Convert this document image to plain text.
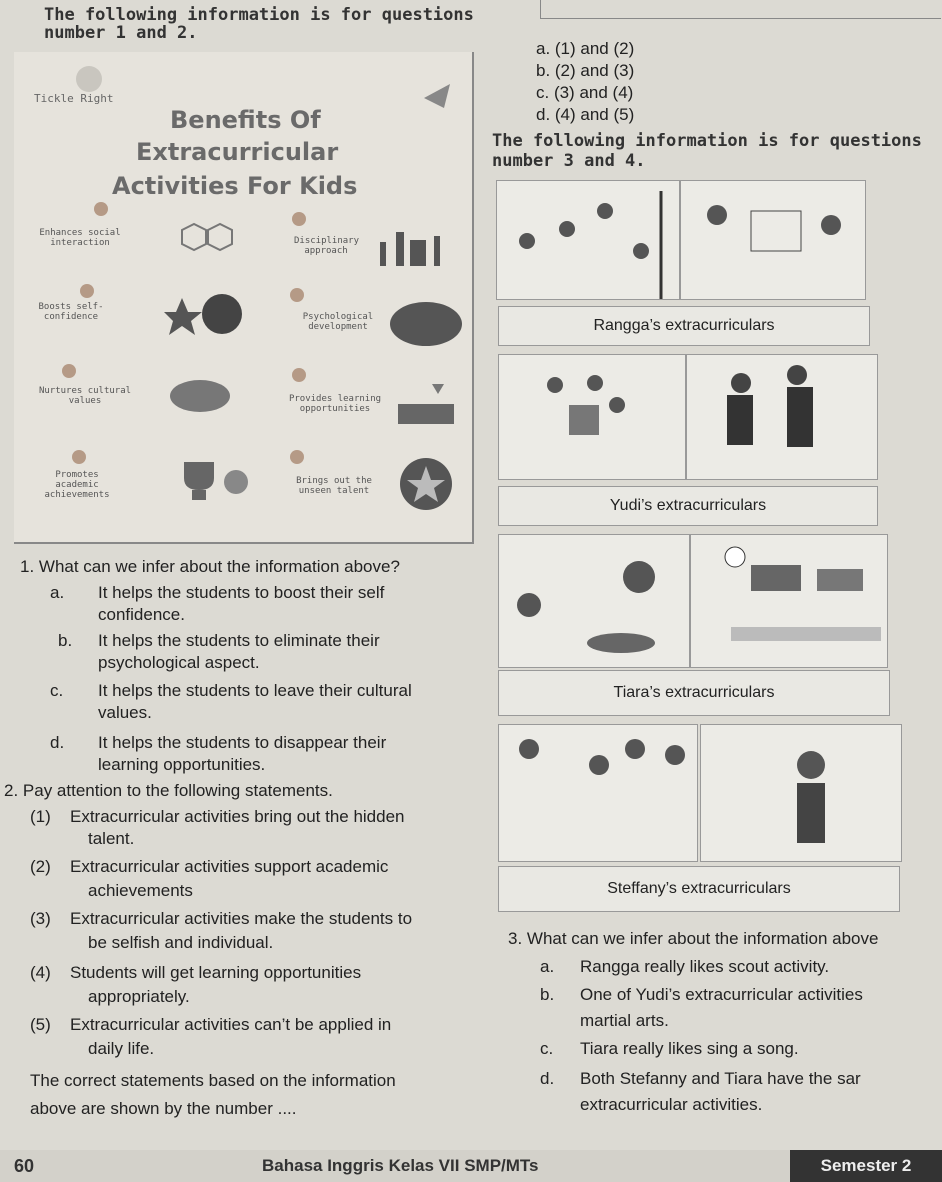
The following information is for questions
number 1 and 2.
a. (1) and (2)
b. (2) and (3)
c. (3) and (4)
d. (4) and (5)
The following information is for questions
number 3 and 4.
Tickle Right
Benefits Of
Extracurricular
Activities For Kids
Enhances social interaction
Boosts self-confidence
Nurtures cultural values
Promotes academic achievements
Disciplinary approach
Psychological development
Provides learning opportunities
Brings out the unseen talent
Rangga’s extracurriculars
Yudi’s extracurriculars
Tiara’s extracurriculars
Steffany’s extracurriculars
1. What can we infer about the information above?
a. It helps the students to boost their self
confidence.
b. It helps the students to eliminate their
psychological aspect.
c. It helps the students to leave their cultural
values.
d. It helps the students to disappear their
learning opportunities.
2. Pay attention to the following statements.
(1) Extracurricular activities bring out the hidden
talent.
(2) Extracurricular activities support academic
achievements
(3) Extracurricular activities make the students to
be selfish and individual.
(4) Students will get learning opportunities
appropriately.
(5) Extracurricular activities can’t be applied in
daily life.
The correct statements based on the information
above are shown by the number ....
3. What can we infer about the information above
a. Rangga really likes scout activity.
b. One of Yudi’s extracurricular activities
martial arts.
c. Tiara really likes sing a song.
d. Both Stefanny and Tiara have the sar
extracurricular activities.
60	Bahasa Inggris Kelas VII SMP/MTs	Semester 2
